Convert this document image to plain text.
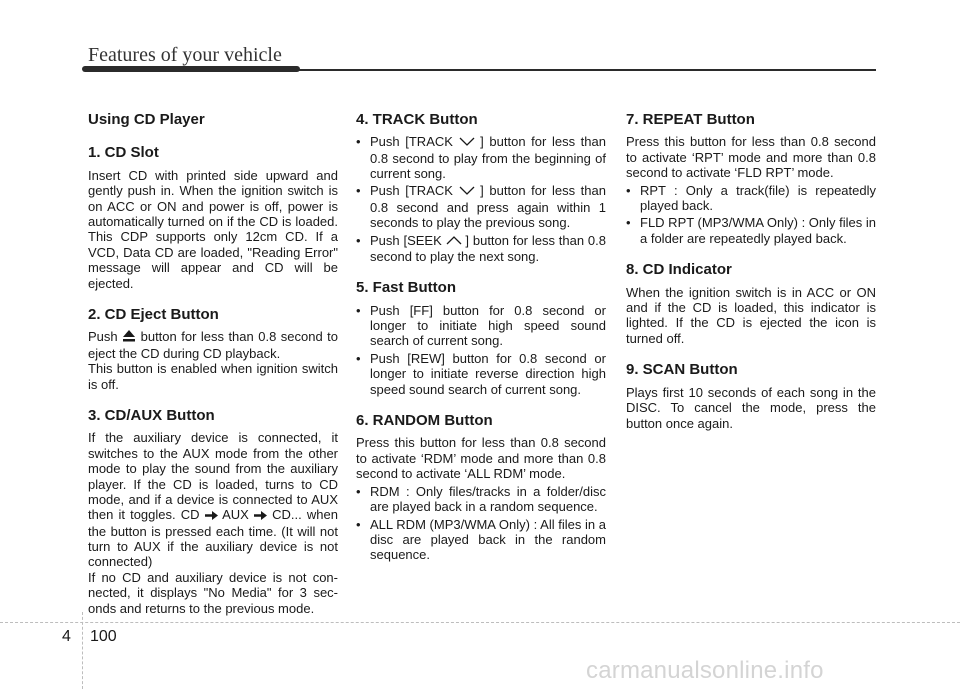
Features of your vehicle
Using CD Player
1. CD Slot

Insert CD with printed side upward and gently push in. When the ignition switch is on ACC or ON and power is off, power is automatically turned on if the CD is loaded. This CDP supports only 12cm CD. If a VCD, Data CD are loaded, "Reading Error" message will appear and CD will be ejected.

2. CD Eject Button

Push button for less than 0.8 second to eject the CD during CD playback.

This button is enabled when ignition switch is off.

3. CD/AUX Button

If the auxiliary device is connected, it switches to the AUX mode from the other mode to play the sound from the auxiliary player. If the CD is loaded, turns to CD mode, and if a device is connected to AUX then it toggles. CD AUX CD... when the button is pressed each time. (It will not turn to AUX if the auxiliary device is not connected)

If no CD and auxiliary device is not con-nected, it displays "No Media" for 3 sec-onds and returns to the previous mode.

4. TRACK Button
• Push [TRACK ] button for less than 0.8 second to play from the beginning of current song.
• Push [TRACK ] button for less than 0.8 second and press again within 1 seconds to play the previous song.
• Push [SEEK ] button for less than 0.8 second to play the next song.
5. Fast Button
• Push [FF] button for 0.8 second or longer to initiate high speed sound search of current song.
• Push [REW] button for 0.8 second or longer to initiate reverse direction high speed sound search of current song.
6. RANDOM Button

Press this button for less than 0.8 second to activate ‘RDM’ mode and more than 0.8 second to activate ‘ALL RDM’ mode.

• RDM : Only files/tracks in a folder/disc are played back in a random sequence.
• ALL RDM (MP3/WMA Only) : All files in a disc are played back in the random sequence.
7. REPEAT Button

Press this button for less than 0.8 second to activate ‘RPT’ mode and more than 0.8 second to activate ‘FLD RPT’ mode.

• RPT : Only a track(file) is repeatedly played back.
• FLD RPT (MP3/WMA Only) : Only files in a folder are repeatedly played back.
8. CD Indicator

When the ignition switch is in ACC or ON and if the CD is loaded, this indicator is lighted. If the CD is ejected the icon is turned off.

9. SCAN Button

Plays first 10 seconds of each song in the DISC. To cancel the mode, press the button once again.

4 100
carmanualsonline.info
